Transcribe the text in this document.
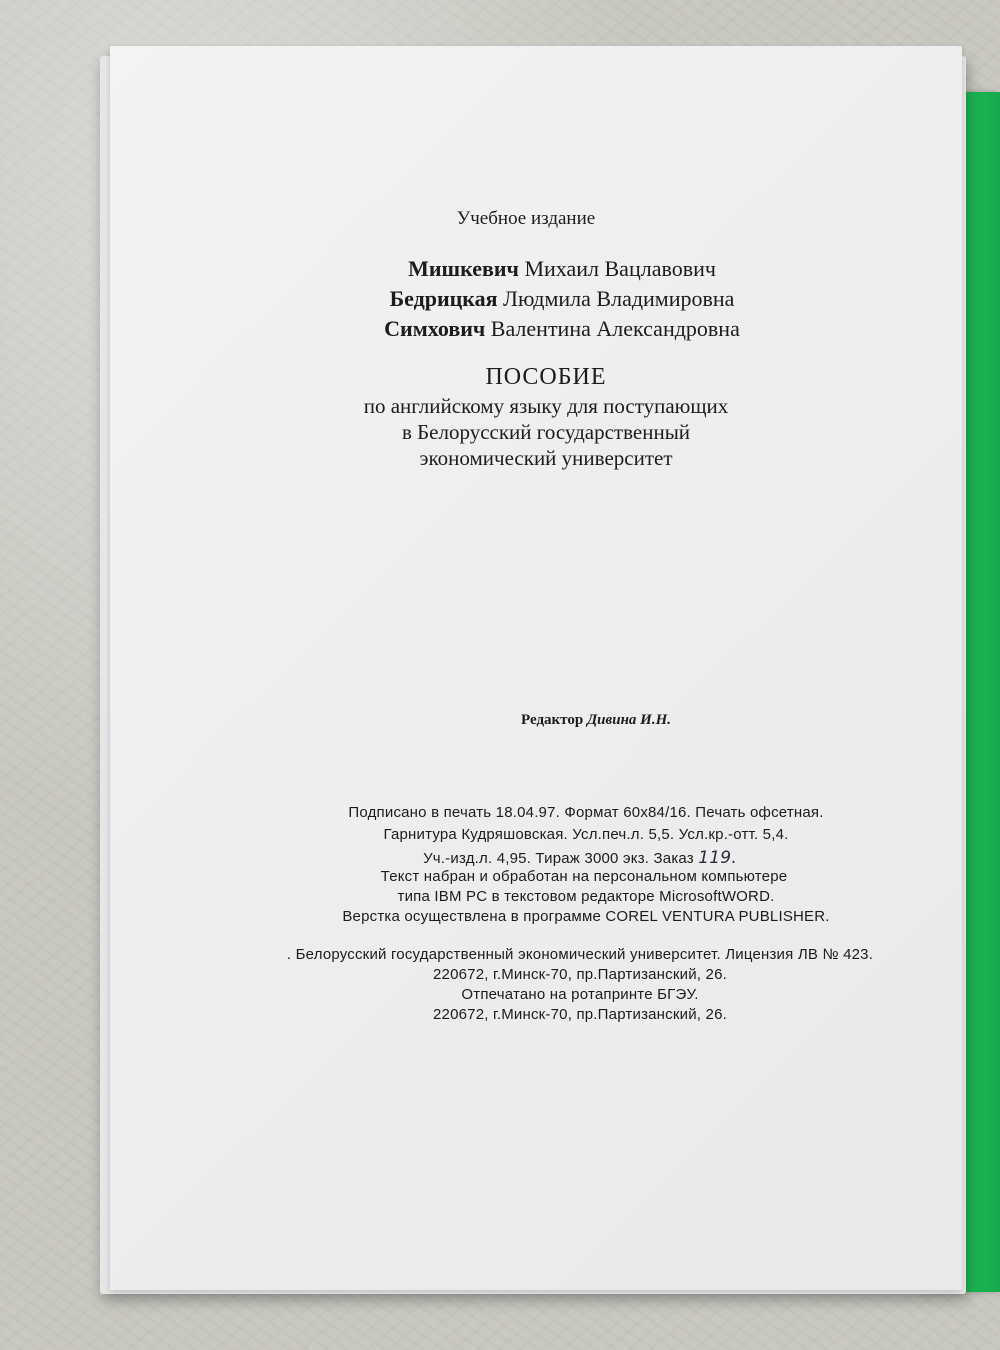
Учебное издание
Мишкевич Михаил Вацлавович
Бедрицкая Людмила Владимировна
Симхович Валентина Александровна
ПОСОБИЕ
по английскому языку для поступающих
в Белорусский государственный
экономический университет
Редактор Дивина И.Н.
Подписано в печать 18.04.97. Формат 60х84/16. Печать офсетная.
Гарнитура Кудряшовская. Усл.печ.л. 5,5. Усл.кр.-отт. 5,4.
Уч.-изд.л. 4,95. Тираж 3000 экз. Заказ 119.
Текст набран и обработан на персональном компьютере
типа IBM PC в текстовом редакторе MicrosoftWORD.
Верстка осуществлена в программе COREL VENTURA PUBLISHER.
. Белорусский государственный экономический университет. Лицензия ЛВ № 423.
220672, г.Минск-70, пр.Партизанский, 26.
Отпечатано на ротапринте БГЭУ.
220672, г.Минск-70, пр.Партизанский, 26.
